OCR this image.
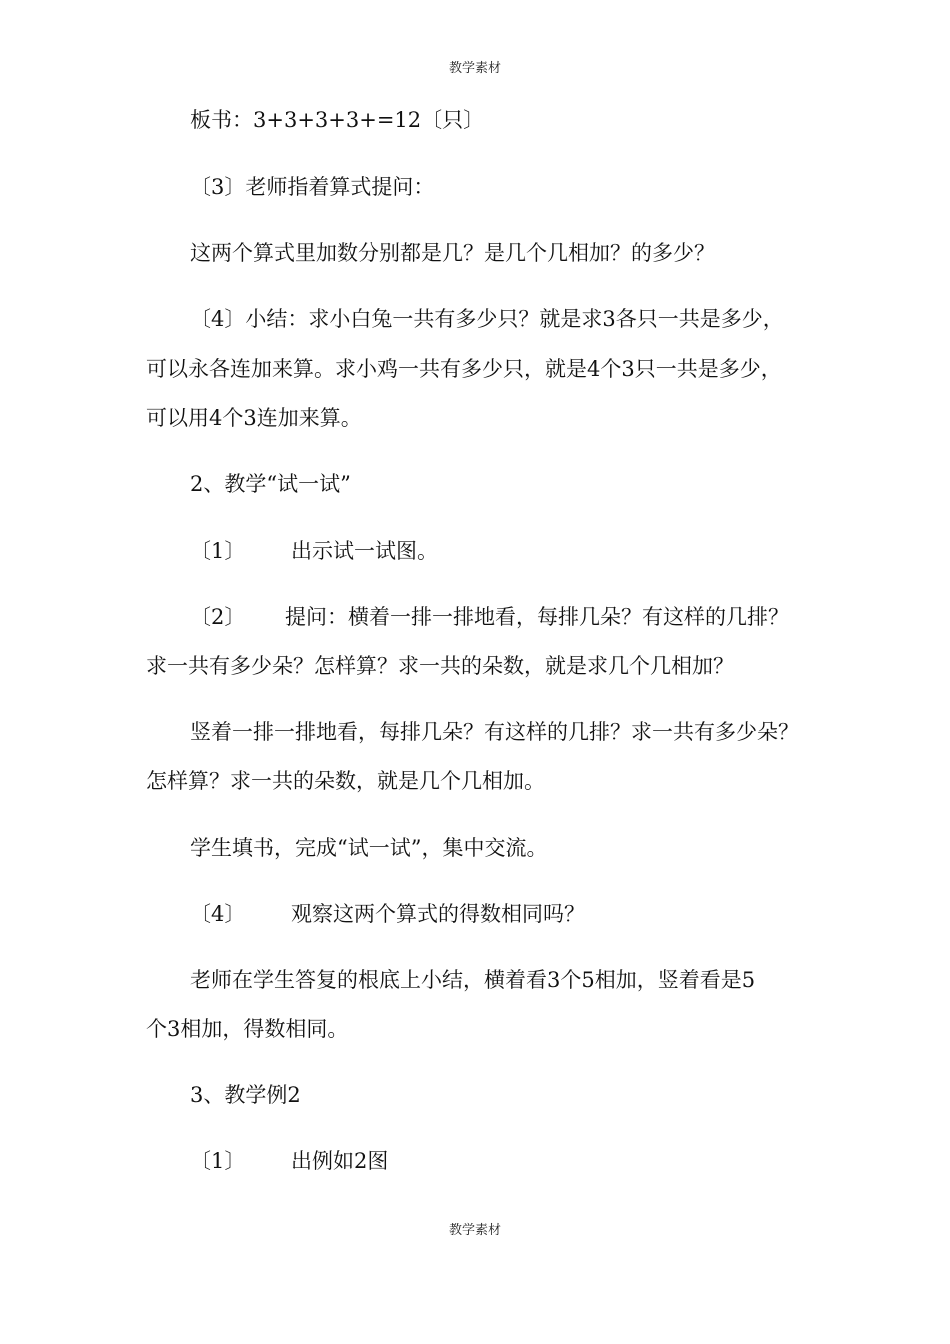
教学素材
板书：3+3+3+3+=12〔只〕
〔3〕老师指着算式提问：
这两个算式里加数分别都是几？是几个几相加？的多少？
〔4〕小结：求小白兔一共有多少只？就是求3各只一共是多少，
可以永各连加来算。求小鸡一共有多少只，就是4个3只一共是多少，
可以用4个3连加来算。
2、教学“试一试”
〔1〕 出示试一试图。
〔2〕 提问：横着一排一排地看，每排几朵？有这样的几排？
求一共有多少朵？怎样算？求一共的朵数，就是求几个几相加？
竖着一排一排地看，每排几朵？有这样的几排？求一共有多少朵？
怎样算？求一共的朵数，就是几个几相加。
学生填书，完成“试一试”，集中交流。
〔4〕 观察这两个算式的得数相同吗？
老师在学生答复的根底上小结，横着看3个5相加，竖着看是5
个3相加，得数相同。
3、教学例2
〔1〕 出例如2图
教学素材
